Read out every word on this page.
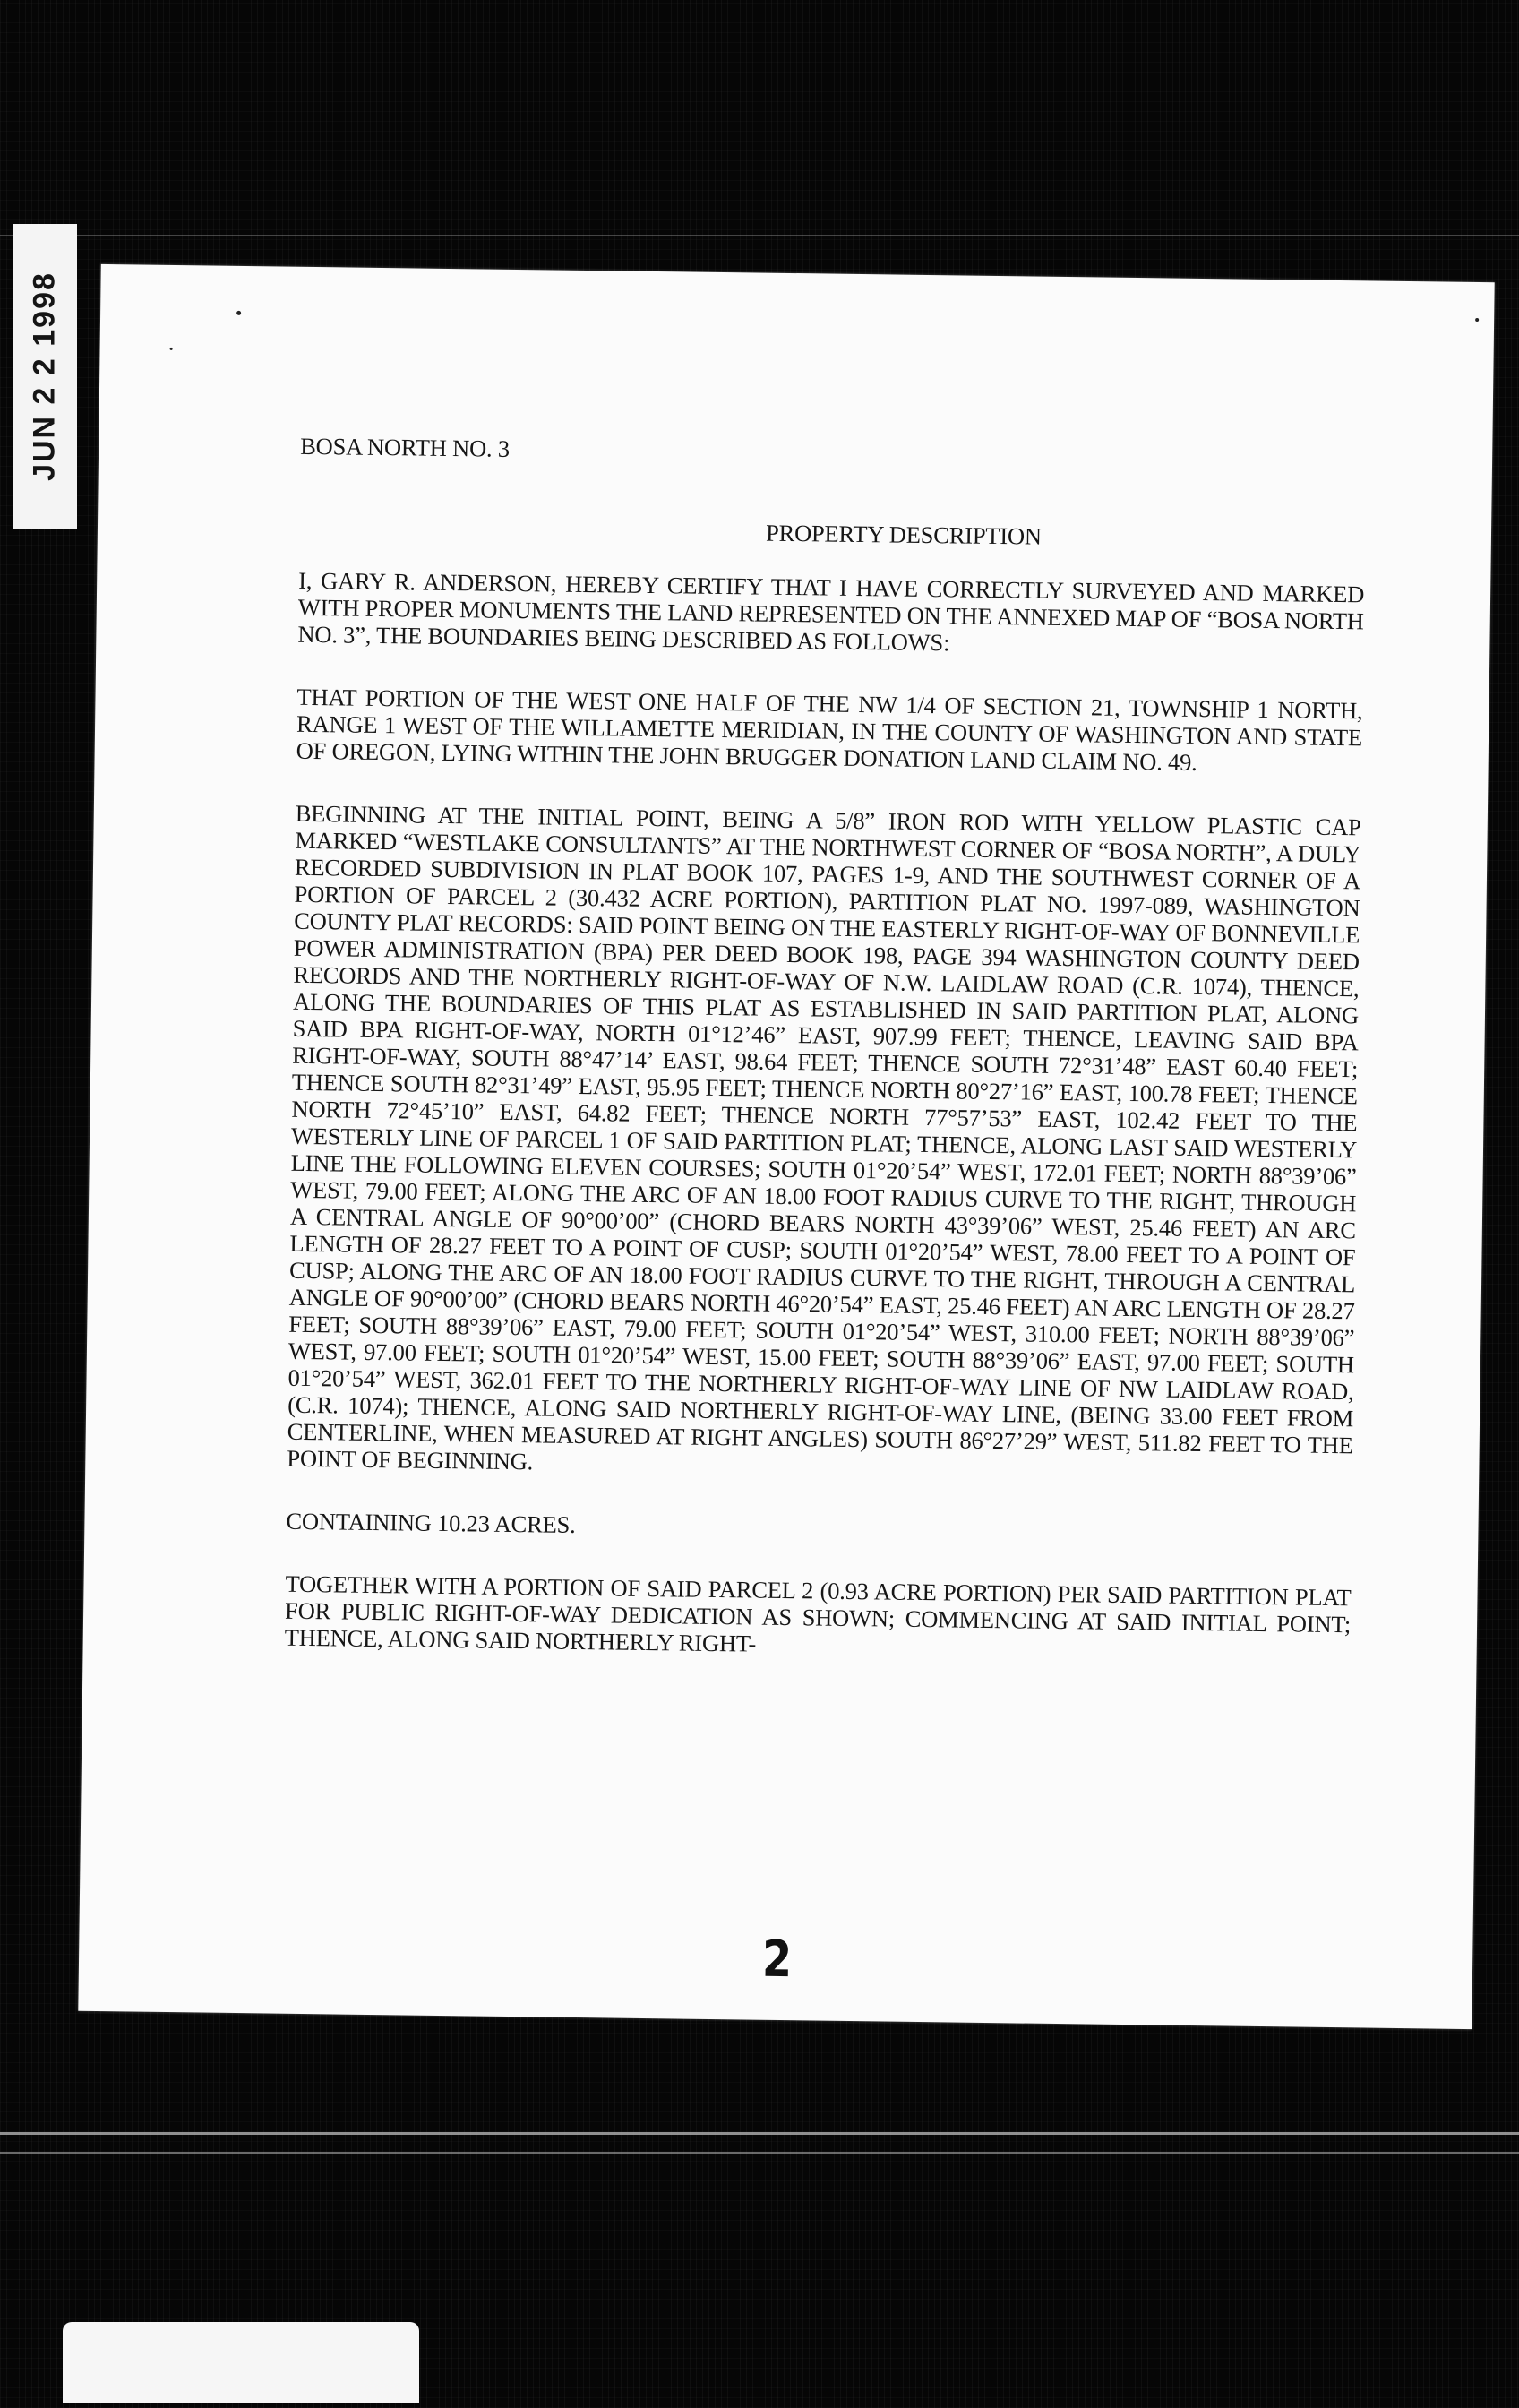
JUN 2 2 1998	BOSA NORTH NO. 3
PROPERTY DESCRIPTION

I, GARY R. ANDERSON, HEREBY CERTIFY THAT I HAVE CORRECTLY SURVEYED AND MARKED WITH PROPER MONUMENTS THE LAND REPRESENTED ON THE ANNEXED MAP OF “BOSA NORTH NO. 3”, THE BOUNDARIES BEING DESCRIBED AS FOLLOWS:

THAT PORTION OF THE WEST ONE HALF OF THE NW 1/4 OF SECTION 21, TOWNSHIP 1 NORTH, RANGE 1 WEST OF THE WILLAMETTE MERIDIAN, IN THE COUNTY OF WASHINGTON AND STATE OF OREGON, LYING WITHIN THE JOHN BRUGGER DONATION LAND CLAIM NO. 49.

BEGINNING AT THE INITIAL POINT, BEING A 5/8” IRON ROD WITH YELLOW PLASTIC CAP MARKED “WESTLAKE CONSULTANTS” AT THE NORTHWEST CORNER OF “BOSA NORTH”, A DULY RECORDED SUBDIVISION IN PLAT BOOK 107, PAGES 1-9, AND THE SOUTHWEST CORNER OF A PORTION OF PARCEL 2 (30.432 ACRE PORTION), PARTITION PLAT NO. 1997-089, WASHINGTON COUNTY PLAT RECORDS: SAID POINT BEING ON THE EASTERLY RIGHT-OF-WAY OF BONNEVILLE POWER ADMINISTRATION (BPA) PER DEED BOOK 198, PAGE 394 WASHINGTON COUNTY DEED RECORDS AND THE NORTHERLY RIGHT-OF-WAY OF N.W. LAIDLAW ROAD (C.R. 1074), THENCE, ALONG THE BOUNDARIES OF THIS PLAT AS ESTABLISHED IN SAID PARTITION PLAT, ALONG SAID BPA RIGHT-OF-WAY, NORTH 01°12’46” EAST, 907.99 FEET; THENCE, LEAVING SAID BPA RIGHT-OF-WAY, SOUTH 88°47’14’ EAST, 98.64 FEET; THENCE SOUTH 72°31’48” EAST 60.40 FEET; THENCE SOUTH 82°31’49” EAST, 95.95 FEET; THENCE NORTH 80°27’16” EAST, 100.78 FEET; THENCE NORTH 72°45’10” EAST, 64.82 FEET; THENCE NORTH 77°57’53” EAST, 102.42 FEET TO THE WESTERLY LINE OF PARCEL 1 OF SAID PARTITION PLAT; THENCE, ALONG LAST SAID WESTERLY LINE THE FOLLOWING ELEVEN COURSES; SOUTH 01°20’54” WEST, 172.01 FEET; NORTH 88°39’06” WEST, 79.00 FEET; ALONG THE ARC OF AN 18.00 FOOT RADIUS CURVE TO THE RIGHT, THROUGH A CENTRAL ANGLE OF 90°00’00” (CHORD BEARS NORTH 43°39’06” WEST, 25.46 FEET) AN ARC LENGTH OF 28.27 FEET TO A POINT OF CUSP; SOUTH 01°20’54” WEST, 78.00 FEET TO A POINT OF CUSP; ALONG THE ARC OF AN 18.00 FOOT RADIUS CURVE TO THE RIGHT, THROUGH A CENTRAL ANGLE OF 90°00’00” (CHORD BEARS NORTH 46°20’54” EAST, 25.46 FEET) AN ARC LENGTH OF 28.27 FEET; SOUTH 88°39’06” EAST, 79.00 FEET; SOUTH 01°20’54” WEST, 310.00 FEET; NORTH 88°39’06” WEST, 97.00 FEET; SOUTH 01°20’54” WEST, 15.00 FEET; SOUTH 88°39’06” EAST, 97.00 FEET; SOUTH 01°20’54” WEST, 362.01 FEET TO THE NORTHERLY RIGHT-OF-WAY LINE OF NW LAIDLAW ROAD, (C.R. 1074); THENCE, ALONG SAID NORTHERLY RIGHT-OF-WAY LINE, (BEING 33.00 FEET FROM CENTERLINE, WHEN MEASURED AT RIGHT ANGLES) SOUTH 86°27’29” WEST, 511.82 FEET TO THE POINT OF BEGINNING.

CONTAINING 10.23 ACRES.

TOGETHER WITH A PORTION OF SAID PARCEL 2 (0.93 ACRE PORTION) PER SAID PARTITION PLAT FOR PUBLIC RIGHT-OF-WAY DEDICATION AS SHOWN; COMMENCING AT SAID INITIAL POINT; THENCE, ALONG SAID NORTHERLY RIGHT-

2
